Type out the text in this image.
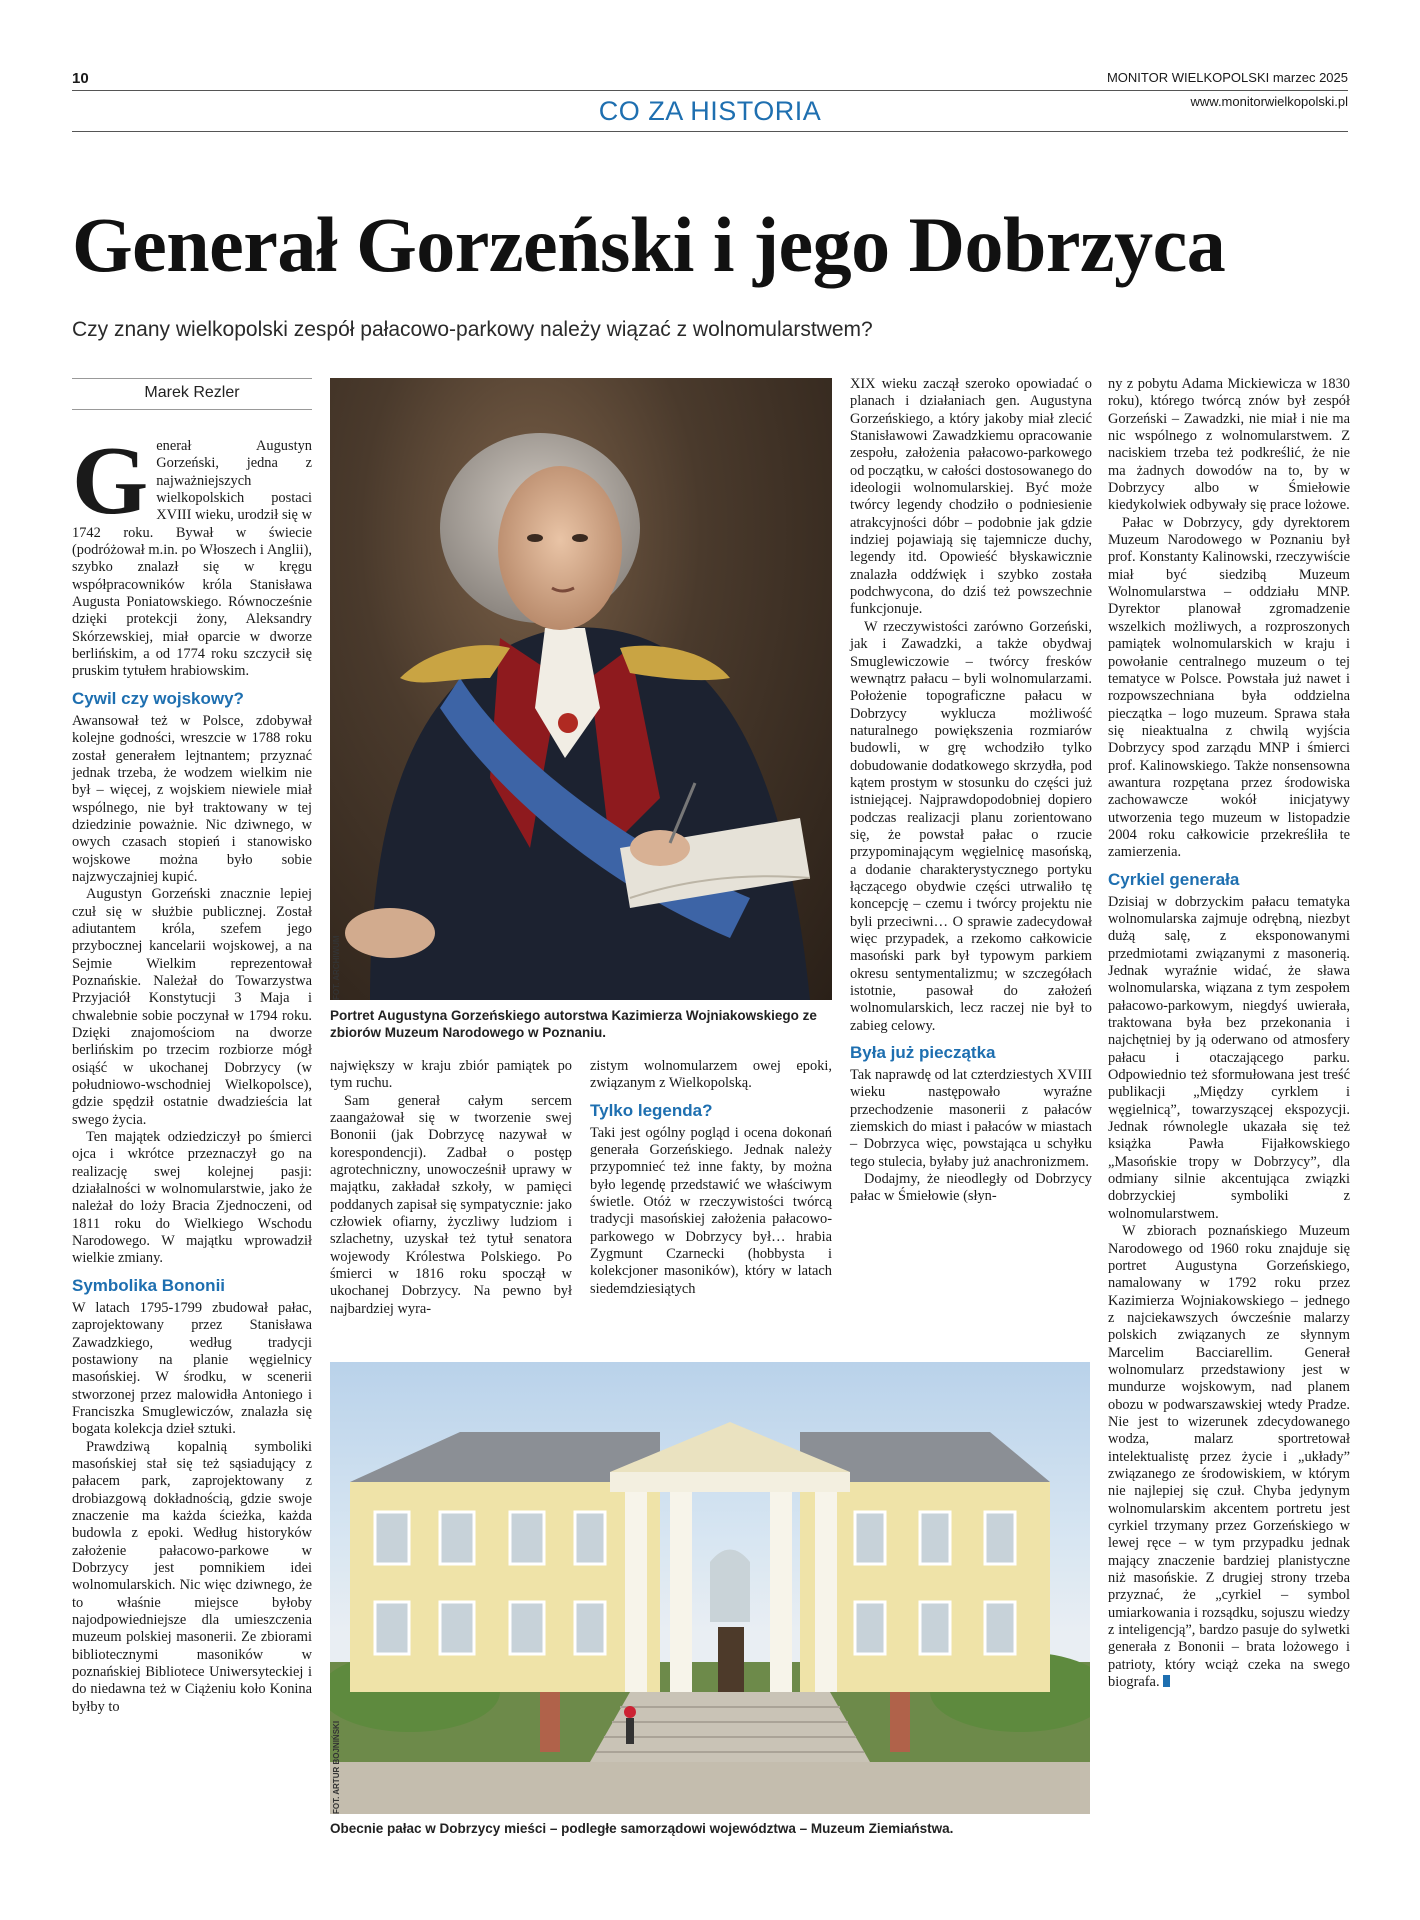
10	MONITOR WIELKOPOLSKI marzec 2025
www.monitorwielkopolski.pl
CO ZA HISTORIA
Generał Gorzeński i jego Dobrzyca
Czy znany wielkopolski zespół pałacowo-parkowy należy wiązać z wolnomularstwem?
Marek Rezler

Generał Augustyn Gorzeński, jedna z najważniejszych wielkopolskich postaci XVIII wieku, urodził się w 1742 roku. Bywał w świecie (podróżował m.in. po Włoszech i Anglii), szybko znalazł się w kręgu współpracowników króla Stanisława Augusta Poniatowskiego. Równocześnie dzięki protekcji żony, Aleksandry Skórzewskiej, miał oparcie w dworze berlińskim, a od 1774 roku szczycił się pruskim tytułem hrabiowskim.

Cywil czy wojskowy?

Awansował też w Polsce, zdobywał kolejne godności, wreszcie w 1788 roku został generałem lejtnantem; przyznać jednak trzeba, że wodzem wielkim nie był – więcej, z wojskiem niewiele miał wspólnego, nie był traktowany w tej dziedzinie poważnie. Nic dziwnego, w owych czasach stopień i stanowisko wojskowe można było sobie najzwyczajniej kupić.

Augustyn Gorzeński znacznie lepiej czuł się w służbie publicznej. Został adiutantem króla, szefem jego przybocznej kancelarii wojskowej, a na Sejmie Wielkim reprezentował Poznańskie. Należał do Towarzystwa Przyjaciół Konstytucji 3 Maja i chwalebnie sobie poczynał w 1794 roku. Dzięki znajomościom na dworze berlińskim po trzecim rozbiorze mógł osiąść w ukochanej Dobrzycy (w południowo-wschodniej Wielkopolsce), gdzie spędził ostatnie dwadzieścia lat swego życia.

Ten majątek odziedziczył po śmierci ojca i wkrótce przeznaczył go na realizację swej kolejnej pasji: działalności w wolnomularstwie, jako że należał do loży Bracia Zjednoczeni, od 1811 roku do Wielkiego Wschodu Narodowego. W majątku wprowadził wielkie zmiany.

Symbolika Bononii

W latach 1795-1799 zbudował pałac, zaprojektowany przez Stanisława Zawadzkiego, według tradycji postawiony na planie węgielnicy masońskiej. W środku, w scenerii stworzonej przez malowidła Antoniego i Franciszka Smuglewiczów, znalazła się bogata kolekcja dzieł sztuki.

Prawdziwą kopalnią symboliki masońskiej stał się też sąsiadujący z pałacem park, zaprojektowany z drobiazgową dokładnością, gdzie swoje znaczenie ma każda ścieżka, każda budowla z epoki. Według historyków założenie pałacowo-parkowe w Dobrzycy jest pomnikiem idei wolnomularskich. Nic więc dziwnego, że to właśnie miejsce byłoby najodpowiedniejsze dla umieszczenia muzeum polskiej masonerii. Ze zbiorami bibliotecznymi masoników w poznańskiej Bibliotece Uniwersyteckiej i do niedawna też w Ciążeniu koło Konina byłby to

FOT. ARCHIWUM
Portret Augustyna Gorzeńskiego autorstwa Kazimierza Wojniakowskiego ze zbiorów Muzeum Narodowego w Poznaniu.

największy w kraju zbiór pamiątek po tym ruchu.

Sam generał całym sercem zaangażował się w tworzenie swej Bononii (jak Dobrzycę nazywał w korespondencji). Zadbał o postęp agrotechniczny, unowocześnił uprawy w majątku, zakładał szkoły, w pamięci poddanych zapisał się sympatycznie: jako człowiek ofiarny, życzliwy ludziom i szlachetny, uzyskał też tytuł senatora wojewody Królestwa Polskiego. Po śmierci w 1816 roku spoczął w ukochanej Dobrzycy. Na pewno był najbardziej wyra-

zistym wolnomularzem owej epoki, związanym z Wielkopolską.

Tylko legenda?

Taki jest ogólny pogląd i ocena dokonań generała Gorzeńskiego. Jednak należy przypomnieć też inne fakty, by można było legendę przedstawić we właściwym świetle. Otóż w rzeczywistości twórcą tradycji masońskiej założenia pałacowo-parkowego w Dobrzycy był… hrabia Zygmunt Czarnecki (hobbysta i kolekcjoner masoników), który w latach siedemdziesiątych

XIX wieku zaczął szeroko opowiadać o planach i działaniach gen. Augustyna Gorzeńskiego, a który jakoby miał zlecić Stanisławowi Zawadzkiemu opracowanie zespołu, założenia pałacowo-parkowego od początku, w całości dostosowanego do ideologii wolnomularskiej. Być może twórcy legendy chodziło o podniesienie atrakcyjności dóbr – podobnie jak gdzie indziej pojawiają się tajemnicze duchy, legendy itd. Opowieść błyskawicznie znalazła oddźwięk i szybko została podchwycona, do dziś też powszechnie funkcjonuje.

W rzeczywistości zarówno Gorzeński, jak i Zawadzki, a także obydwaj Smuglewiczowie – twórcy fresków wewnątrz pałacu – byli wolnomularzami. Położenie topograficzne pałacu w Dobrzycy wyklucza możliwość naturalnego powiększenia rozmiarów budowli, w grę wchodziło tylko dobudowanie dodatkowego skrzydła, pod kątem prostym w stosunku do części już istniejącej. Najprawdopodobniej dopiero podczas realizacji planu zorientowano się, że powstał pałac o rzucie przypominającym węgielnicę masońską, a dodanie charakterystycznego portyku łączącego obydwie części utrwaliło tę koncepcję – czemu i twórcy projektu nie byli przeciwni… O sprawie zadecydował więc przypadek, a rzekomo całkowicie masoński park był typowym parkiem okresu sentymentalizmu; w szczegółach istotnie, pasował do założeń wolnomularskich, lecz raczej nie był to zabieg celowy.

Była już pieczątka

Tak naprawdę od lat czterdziestych XVIII wieku następowało wyraźne przechodzenie masonerii z pałaców ziemskich do miast i pałaców w miastach – Dobrzyca więc, powstająca u schyłku tego stulecia, byłaby już anachronizmem.

Dodajmy, że nieodległy od Dobrzycy pałac w Śmiełowie (słyn-

ny z pobytu Adama Mickiewicza w 1830 roku), którego twórcą znów był zespół Gorzeński – Zawadzki, nie miał i nie ma nic wspólnego z wolnomularstwem. Z naciskiem trzeba też podkreślić, że nie ma żadnych dowodów na to, by w Dobrzycy albo w Śmiełowie kiedykolwiek odbywały się prace lożowe.

Pałac w Dobrzycy, gdy dyrektorem Muzeum Narodowego w Poznaniu był prof. Konstanty Kalinowski, rzeczywiście miał być siedzibą Muzeum Wolnomularstwa – oddziału MNP. Dyrektor planował zgromadzenie wszelkich możliwych, a rozproszonych pamiątek wolnomularskich w kraju i powołanie centralnego muzeum o tej tematyce w Polsce. Powstała już nawet i rozpowszechniana była oddzielna pieczątka – logo muzeum. Sprawa stała się nieaktualna z chwilą wyjścia Dobrzycy spod zarządu MNP i śmierci prof. Kalinowskiego. Także nonsensowna awantura rozpętana przez środowiska zachowawcze wokół inicjatywy utworzenia tego muzeum w listopadzie 2004 roku całkowicie przekreśliła te zamierzenia.

Cyrkiel generała

Dzisiaj w dobrzyckim pałacu tematyka wolnomularska zajmuje odrębną, niezbyt dużą salę, z eksponowanymi przedmiotami związanymi z masonerią. Jednak wyraźnie widać, że sława wolnomularska, wiązana z tym zespołem pałacowo-parkowym, niegdyś uwierała, traktowana była bez przekonania i najchętniej by ją oderwano od atmosfery pałacu i otaczającego parku. Odpowiednio też sformułowana jest treść publikacji „Między cyrklem i węgielnicą”, towarzyszącej ekspozycji. Jednak równolegle ukazała się też książka Pawła Fijałkowskiego „Masońskie tropy w Dobrzycy”, dla odmiany silnie akcentująca związki dobrzyckiej symboliki z wolnomularstwem.

W zbiorach poznańskiego Muzeum Narodowego od 1960 roku znajduje się portret Augustyna Gorzeńskiego, namalowany w 1792 roku przez Kazimierza Wojniakowskiego – jednego z najciekawszych ówcześnie malarzy polskich związanych ze słynnym Marcelim Bacciarellim. Generał wolnomularz przedstawiony jest w mundurze wojskowym, nad planem obozu w podwarszawskiej wtedy Pradze. Nie jest to wizerunek zdecydowanego wodza, malarz sportretował intelektualistę przez życie i „układy” związanego ze środowiskiem, w którym nie najlepiej się czuł. Chyba jedynym wolnomularskim akcentem portretu jest cyrkiel trzymany przez Gorzeńskiego w lewej ręce – w tym przypadku jednak mający znaczenie bardziej planistyczne niż masońskie. Z drugiej strony trzeba przyznać, że „cyrkiel – symbol umiarkowania i rozsądku, sojuszu wiedzy z inteligencją”, bardzo pasuje do sylwetki generała z Bononii – brata lożowego i patrioty, który wciąż czeka na swego biografa.

FOT. ARTUR BOJNIŃSKI
Obecnie pałac w Dobrzycy mieści – podległe samorządowi województwa – Muzeum Ziemiaństwa.
